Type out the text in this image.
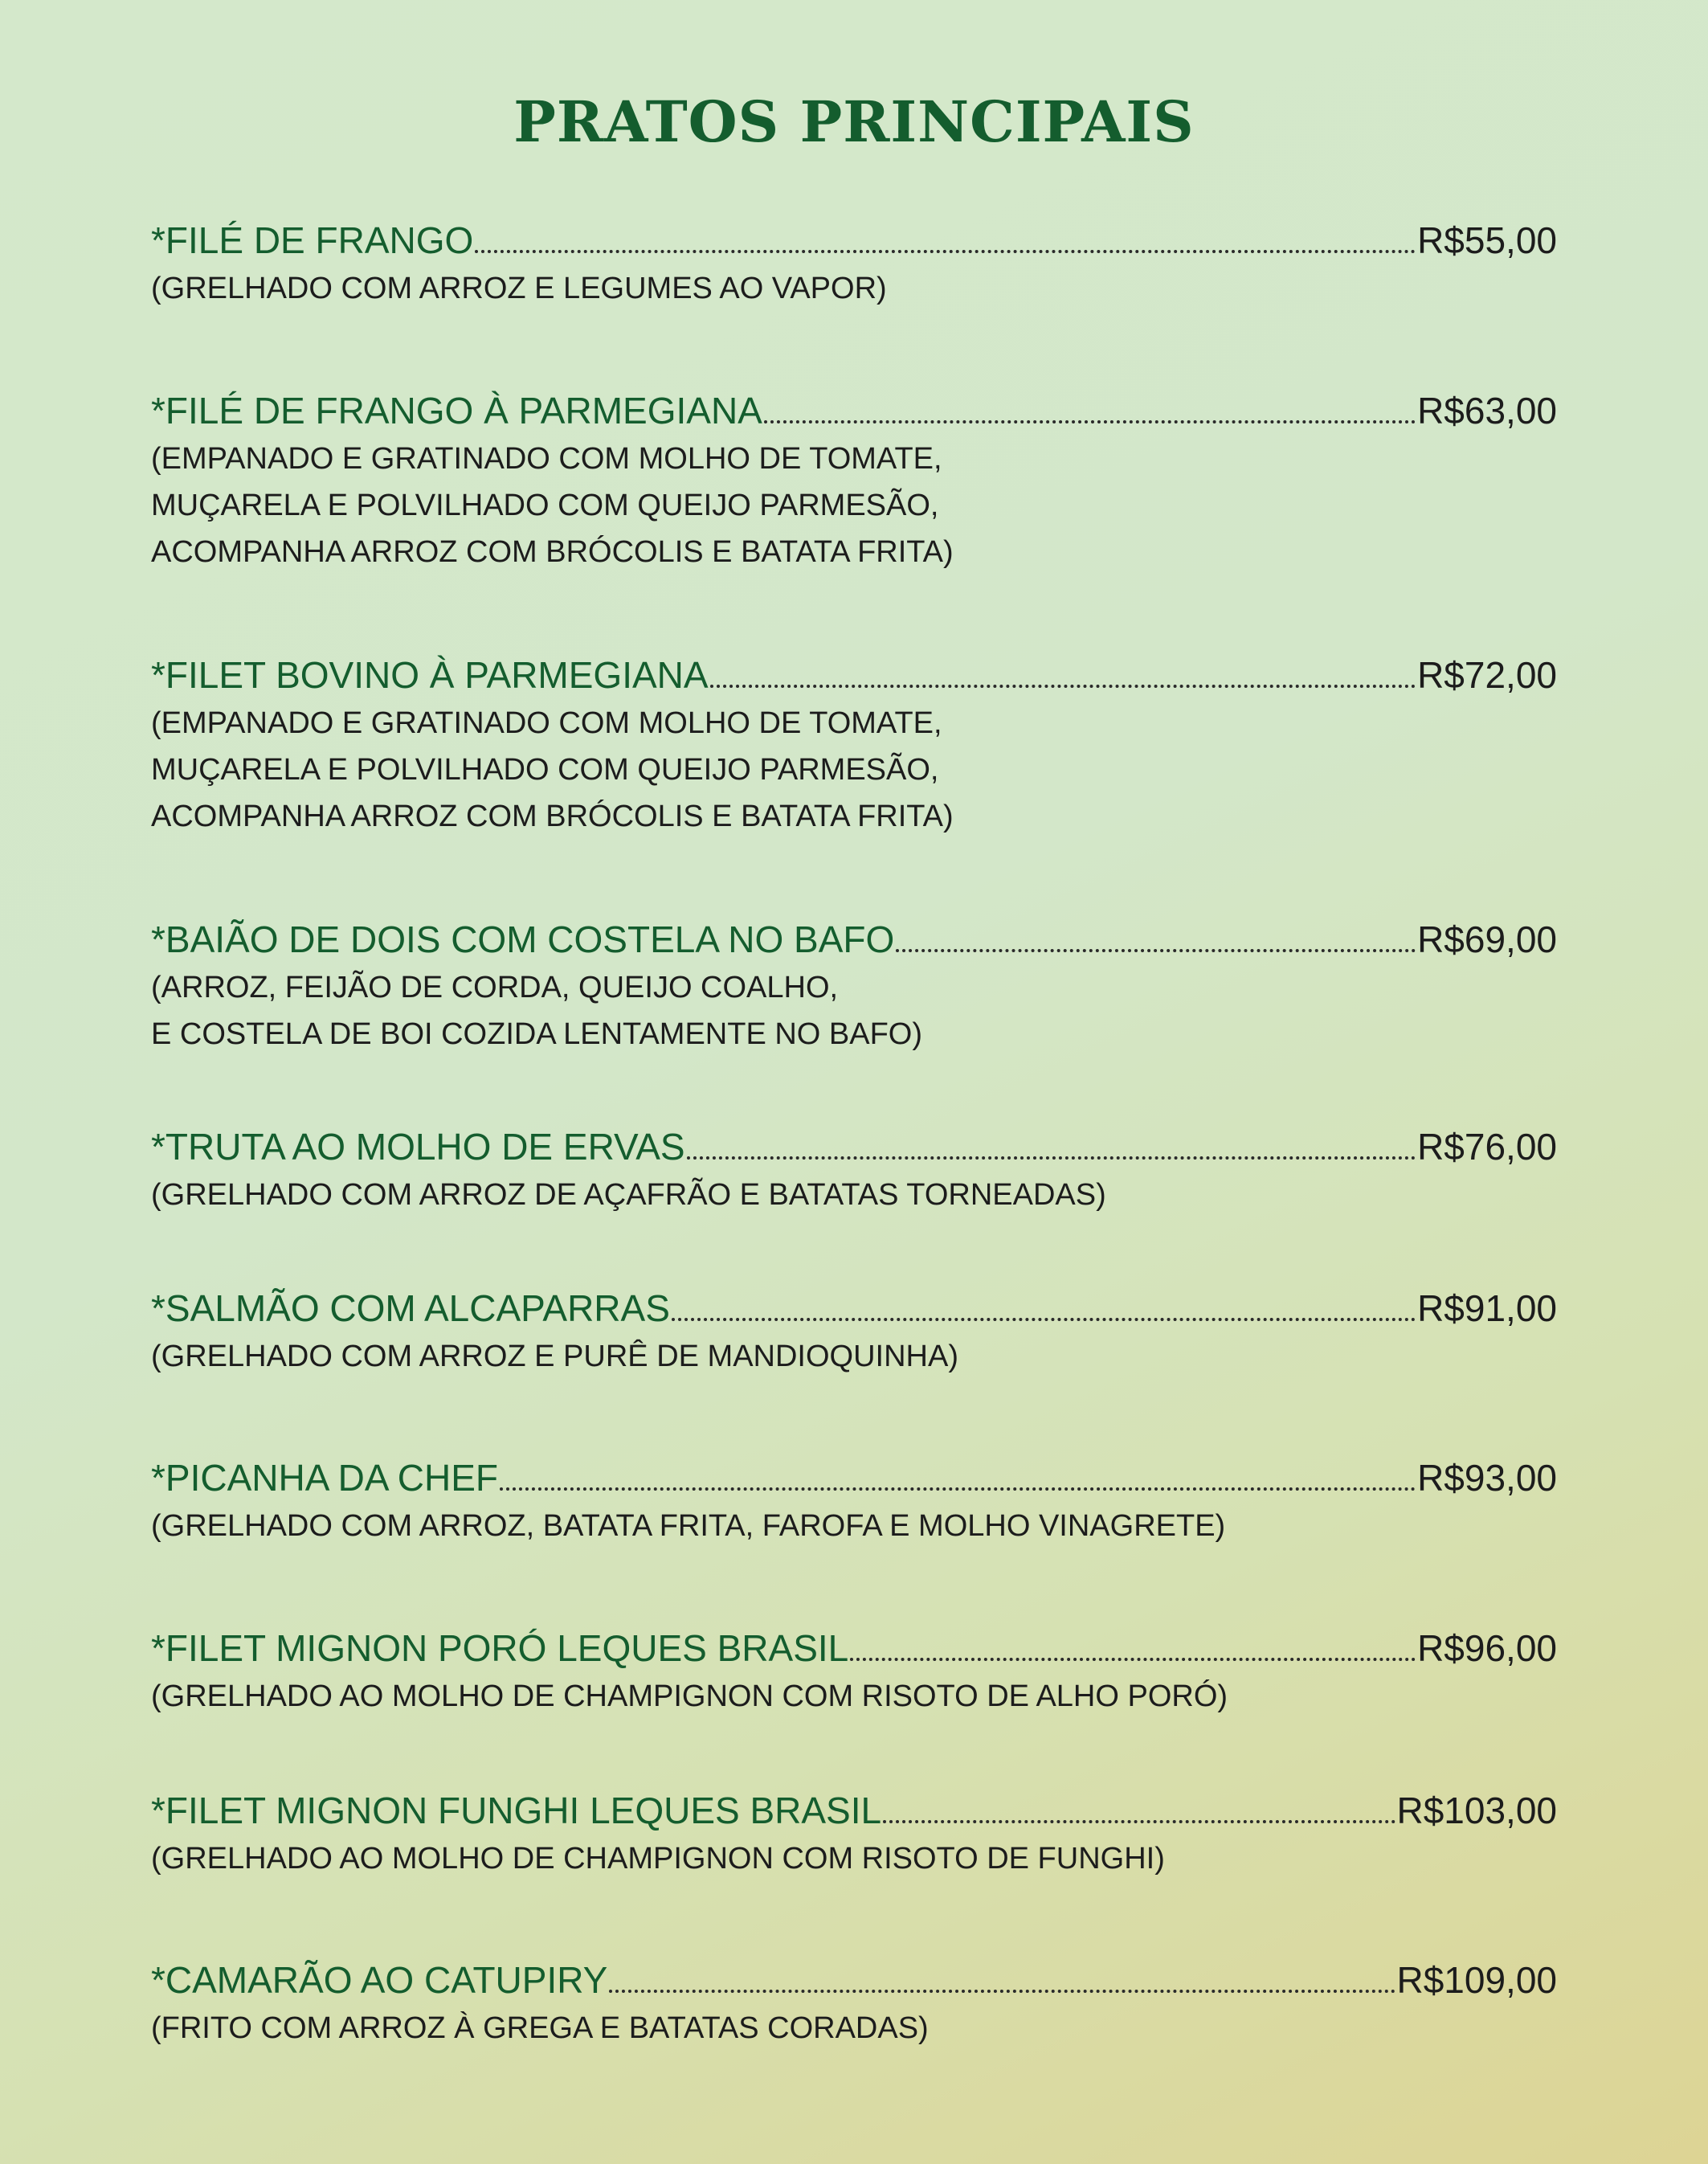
PRATOS PRINCIPAIS
*FILÉ DE FRANGO	R$55,00
(GRELHADO COM ARROZ E LEGUMES AO VAPOR)
*FILÉ DE FRANGO À PARMEGIANA	R$63,00
(EMPANADO E GRATINADO COM MOLHO DE TOMATE,
MUÇARELA E POLVILHADO COM QUEIJO PARMESÃO,
ACOMPANHA ARROZ COM BRÓCOLIS E BATATA FRITA)
*FILET BOVINO À PARMEGIANA	R$72,00
(EMPANADO E GRATINADO COM MOLHO DE TOMATE,
MUÇARELA E POLVILHADO COM QUEIJO PARMESÃO,
ACOMPANHA ARROZ COM BRÓCOLIS E BATATA FRITA)
*BAIÃO DE DOIS COM COSTELA NO BAFO	R$69,00
(ARROZ, FEIJÃO DE CORDA, QUEIJO COALHO,
E COSTELA DE BOI COZIDA LENTAMENTE NO BAFO)
*TRUTA AO MOLHO DE ERVAS	R$76,00
(GRELHADO COM ARROZ DE AÇAFRÃO E BATATAS TORNEADAS)
*SALMÃO COM ALCAPARRAS	R$91,00
(GRELHADO COM ARROZ E PURÊ DE MANDIOQUINHA)
*PICANHA DA CHEF	R$93,00
(GRELHADO COM ARROZ, BATATA FRITA, FAROFA E MOLHO VINAGRETE)
*FILET MIGNON PORÓ LEQUES BRASIL	R$96,00
(GRELHADO AO MOLHO DE CHAMPIGNON COM RISOTO DE ALHO PORÓ)
*FILET MIGNON FUNGHI LEQUES BRASIL	R$103,00
(GRELHADO AO MOLHO DE CHAMPIGNON COM RISOTO DE FUNGHI)
*CAMARÃO AO CATUPIRY	R$109,00
(FRITO COM ARROZ À GREGA E BATATAS CORADAS)
